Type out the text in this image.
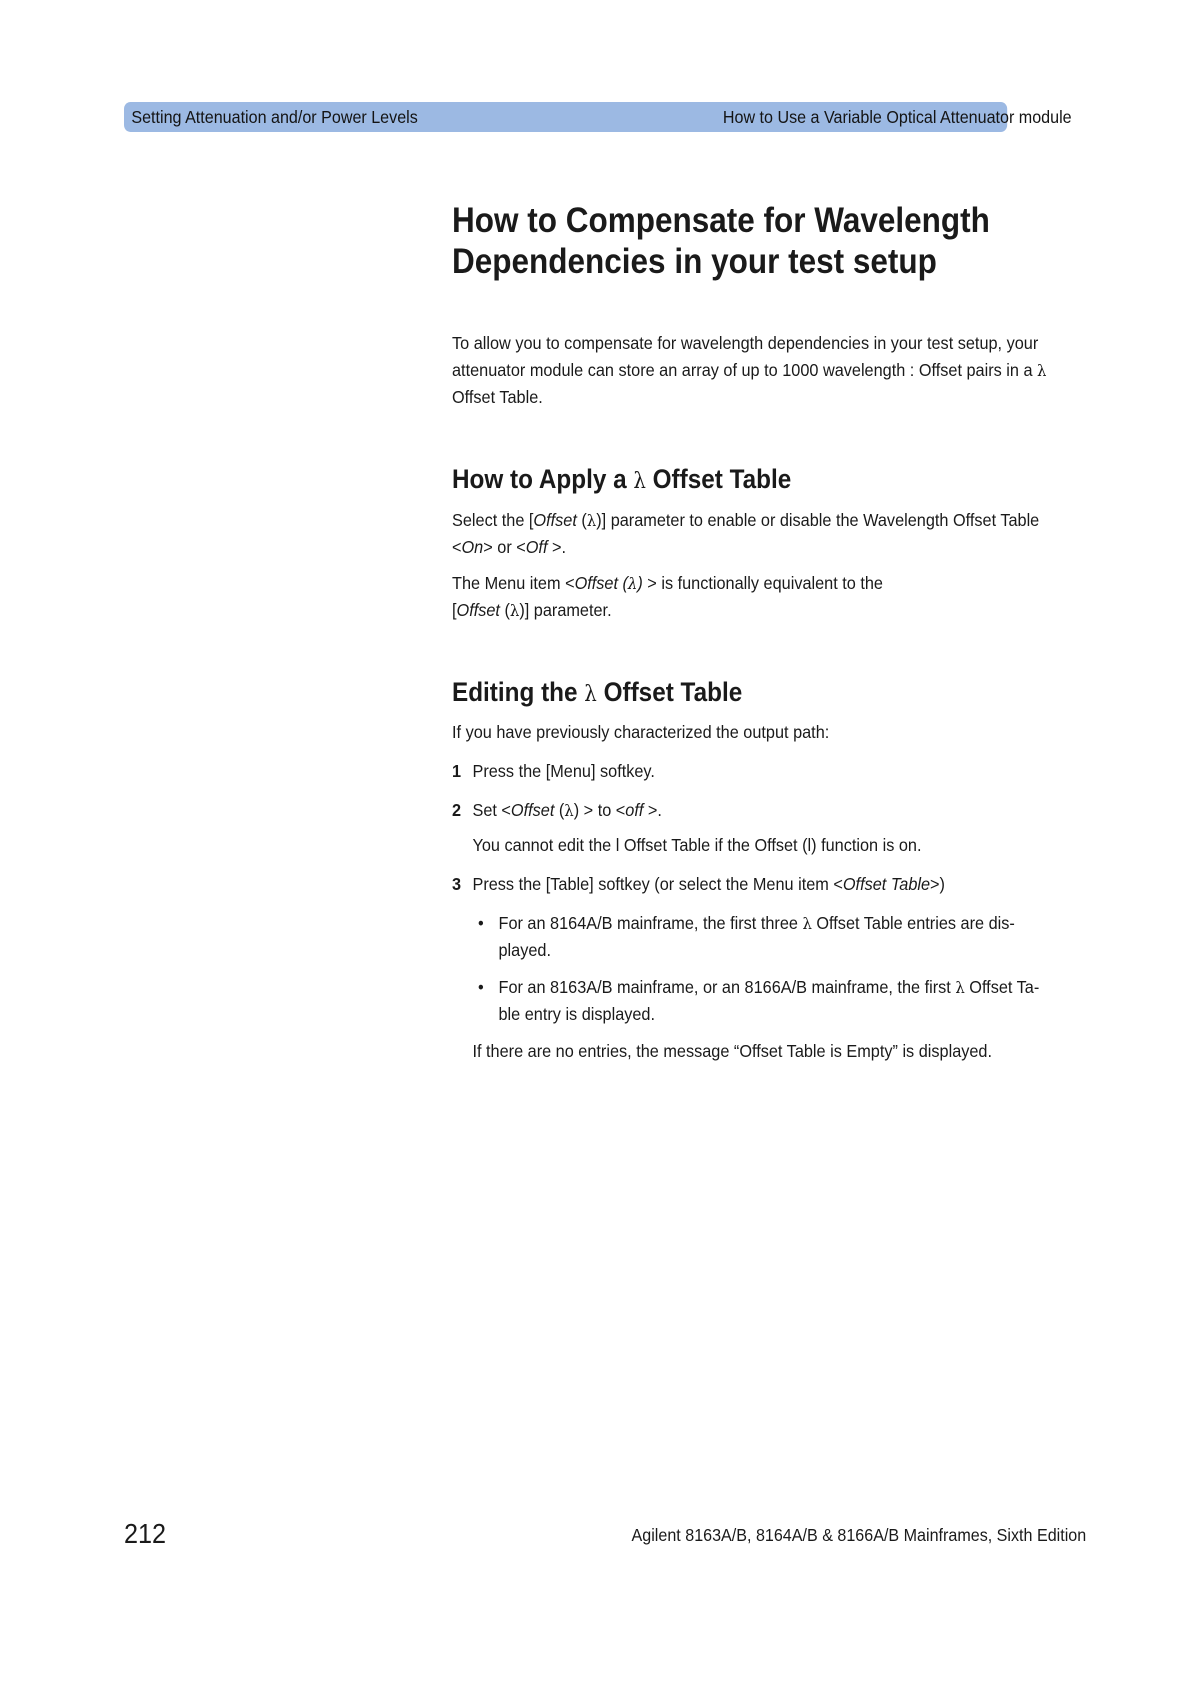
Setting Attenuation and/or Power Levels	How to Use a Variable Optical Attenuator module
How to Compensate for Wavelength
Dependencies in your test setup

To allow you to compensate for wavelength dependencies in your test setup, your
attenuator module can store an array of up to 1000 wavelength : Offset pairs in a λ
Offset Table.

How to Apply a λ Offset Table

Select the [Offset (λ)] parameter to enable or disable the Wavelength Offset Table
<On> or <Off >.

The Menu item <Offset (λ) > is functionally equivalent to the
[Offset (λ)] parameter.

Editing the λ Offset Table

If you have previously characterized the output path:

1 Press the [Menu] softkey.
2 Set <Offset (λ) > to <off >.

You cannot edit the l Offset Table if the Offset (l) function is on.

3 Press the [Table] softkey (or select the Menu item <Offset Table>)
• For an 8164A/B mainframe, the first three λ Offset Table entries are dis-
played.
• For an 8163A/B mainframe, or an 8166A/B mainframe, the first λ Offset Ta-
ble entry is displayed.

If there are no entries, the message “Offset Table is Empty” is displayed.

212	Agilent 8163A/B, 8164A/B & 8166A/B Mainframes, Sixth Edition
